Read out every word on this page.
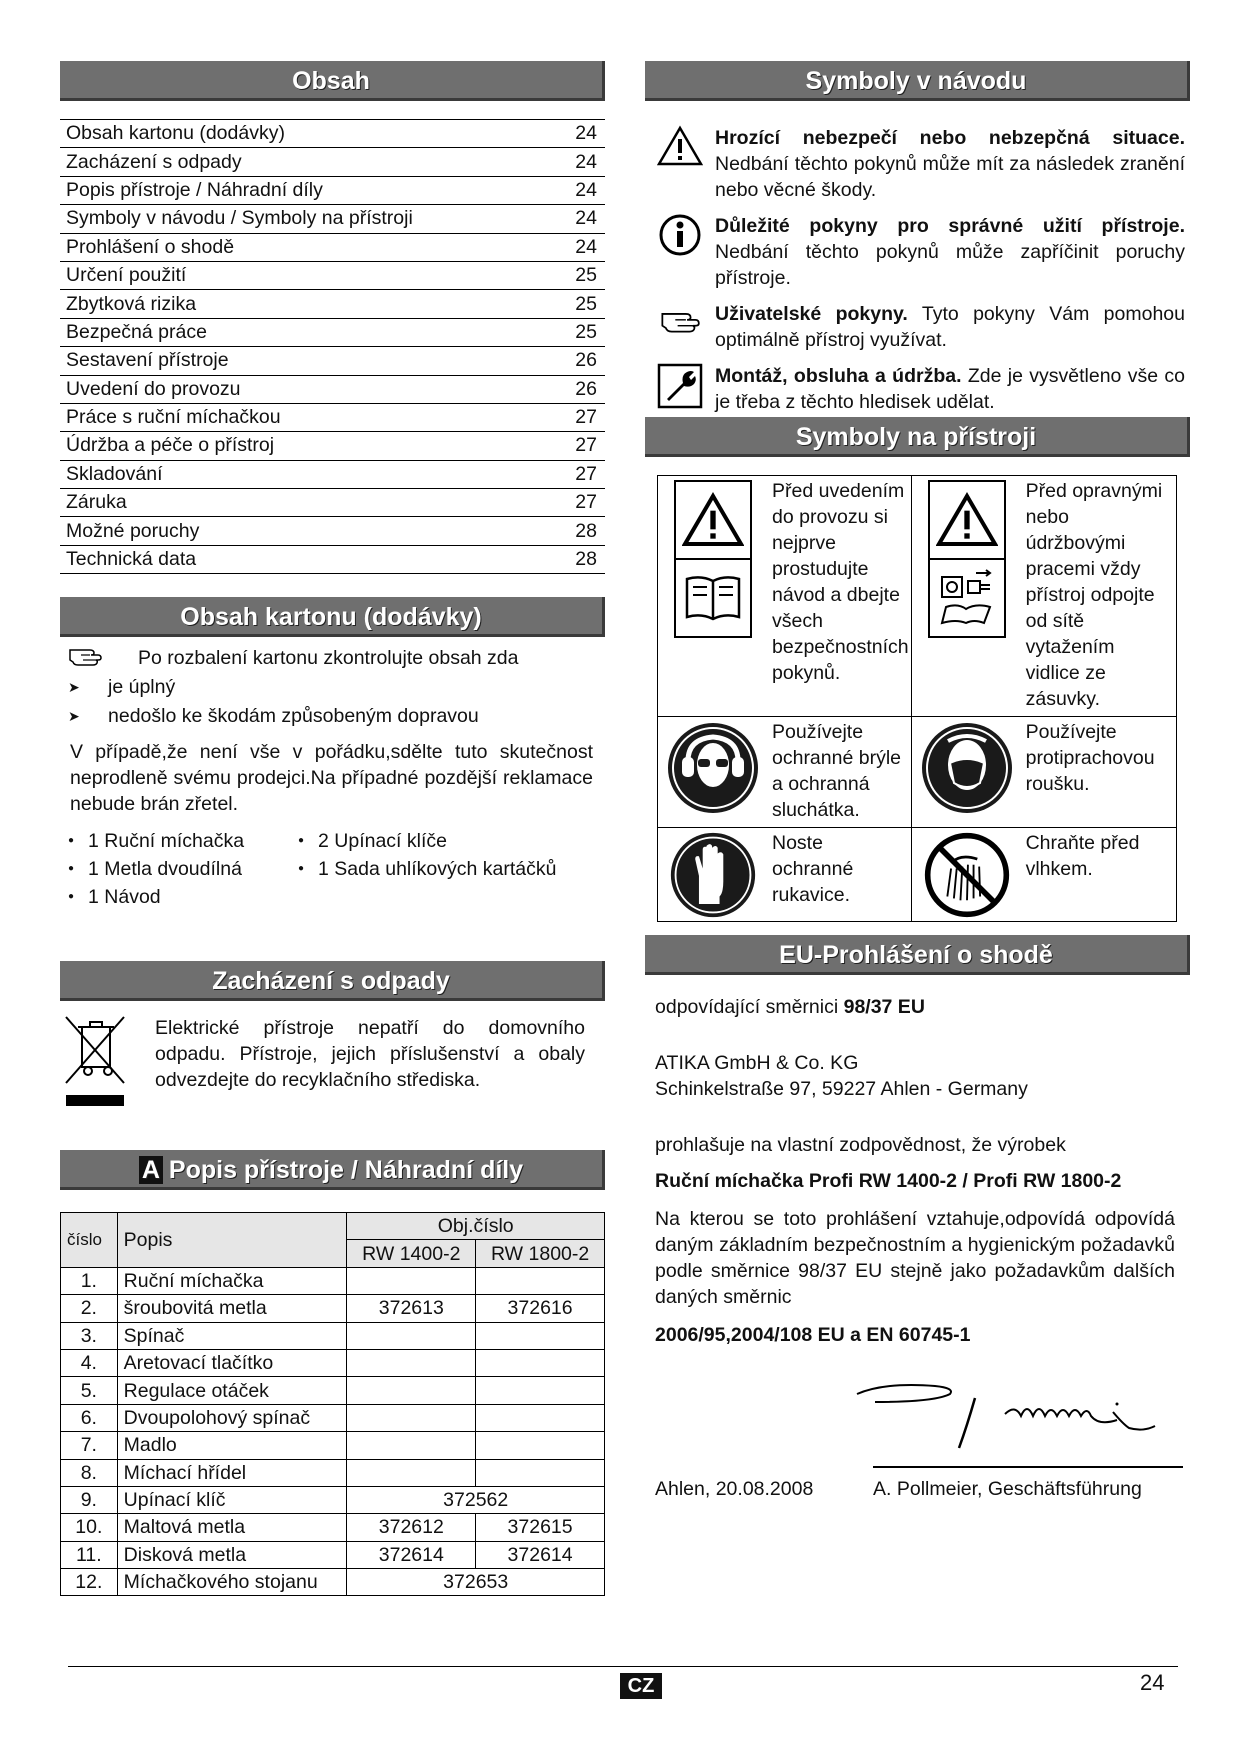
Obsah
Obsah kartonu (dodávky)	24
Zacházení s odpady	24
Popis přístroje / Náhradní díly	24
Symboly v návodu / Symboly na přístroji	24
Prohlášení o shodě	24
Určení použití	25
Zbytková rizika	25
Bezpečná práce	25
Sestavení přístroje	26
Uvedení do provozu	26
Práce s ruční míchačkou	27
Údržba a péče o přístroj	27
Skladování	27
Záruka	27
Možné poruchy	28
Technická data	28
Obsah kartonu (dodávky)
Po rozbalení kartonu zkontrolujte obsah zda
➤	je úplný
➤	nedošlo ke škodám způsobeným dopravou
V případě,že není vše v pořádku,sdělte tuto skutečnost neprodleně svému prodejci.Na případné pozdější reklamace nebude brán zřetel.
● 1 Ruční míchačka
● 1 Metla dvoudílná
● 1 Návod
● 2 Upínací klíče
● 1 Sada uhlíkových kartáčků
Zacházení s odpady
Elektrické přístroje nepatří do domovního odpadu. Přístroje, jejich příslušenství a obaly odvezdejte do recyklačního střediska.
A Popis přístroje / Náhradní díly
číslo	Popis	Obj.číslo	
		RW 1400-2	RW 1800-2
1.	Ruční míchačka		
2.	šroubovitá metla	372613	372616
3.	Spínač		
4.	Aretovací tlačítko		
5.	Regulace otáček		
6.	Dvoupolohový spínač		
7.	Madlo		
8.	Míchací hřídel		
9.	Upínací klíč	372562	
10.	Maltová metla	372612	372615
11.	Disková metla	372614	372614
12.	Míchačkového stojanu	372653	
Symboly v návodu
Hrozící nebezpečí nebo nebzepčná situace. Nedbání těchto pokynů může mít za následek zranění nebo věcné škody.
Důležité pokyny pro správné užití přístroje. Nedbání těchto pokynů může zapříčinit poruchy přístroje.
Uživatelské pokyny. Tyto pokyny Vám pomohou optimálně přístroj využívat.
Montáž, obsluha a údržba. Zde je vysvětleno vše co je třeba z těchto hledisek udělat.
Symboly na přístroji
Před uvedením do provozu si nejprve prostudujte návod a dbejte všech bezpečnostních pokynů.	Před opravnými nebo údržbovými pracemi vždy přístroj odpojte od sítě vytažením vidlice ze zásuvky.

Používejte ochranné brýle a ochranná sluchátka.	Používejte protiprachovou roušku.

Noste ochranné rukavice.	Chraňte před vlhkem.
EU-Prohlášení o shodě
odpovídající směrnici 98/37 EU
ATIKA GmbH & Co. KG
Schinkelstraße 97, 59227 Ahlen - Germany
prohlašuje na vlastní zodpovědnost, že výrobek
Ruční míchačka Profi RW 1400-2 / Profi RW 1800-2
Na kterou se toto prohlášení vztahuje,odpovídá odpovídá daným základním bezpečnostním a hygienickým požadavků podle směrnice 98/37 EU stejně jako požadavkům dalších daných směrnic
2006/95,2004/108 EU a EN 60745-1
Ahlen, 20.08.2008	A. Pollmeier, Geschäftsführung
CZ	24
